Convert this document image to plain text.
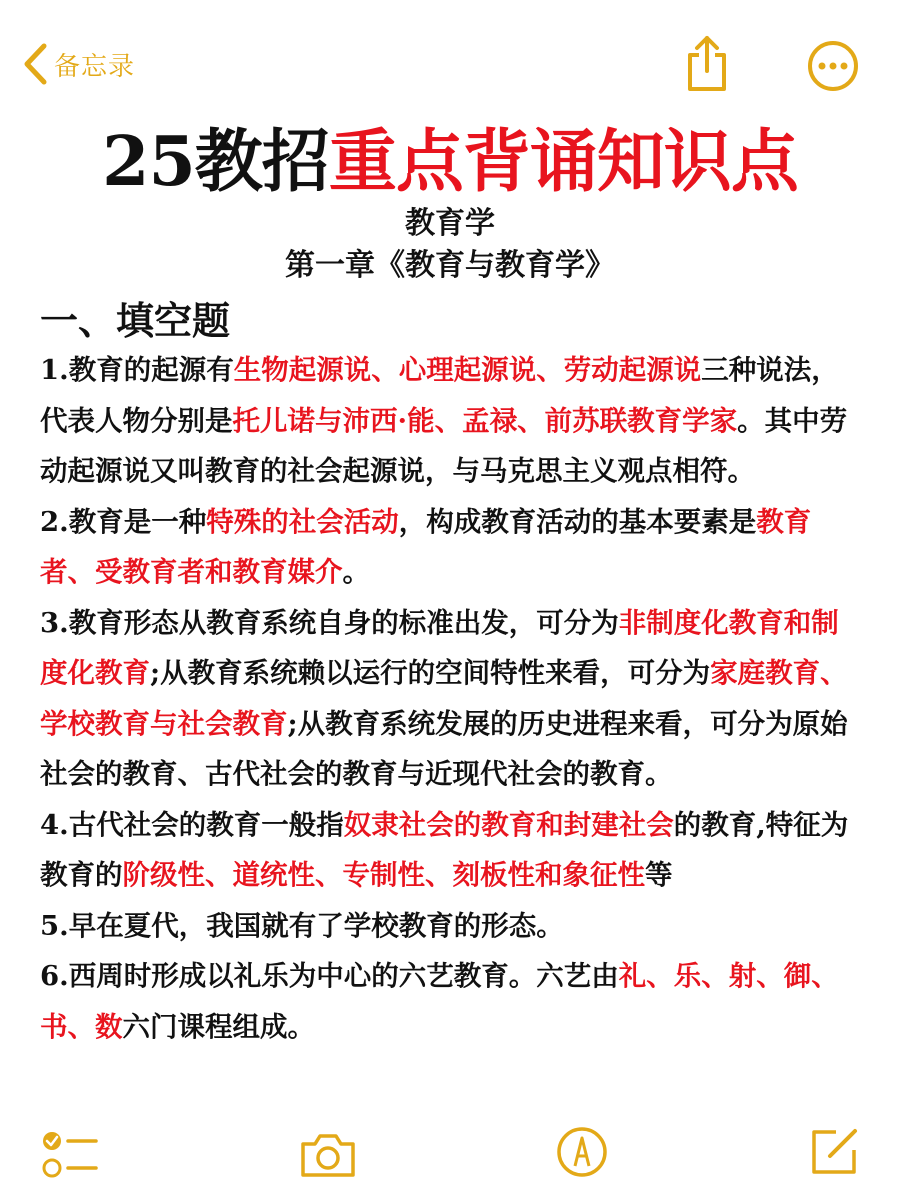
备忘录
25教招重点背诵知识点
教育学
第一章《教育与教育学》
一、填空题

1.教育的起源有生物起源说、心理起源说、劳动起源说三种说法，代表人物分别是托儿诺与沛西·能、孟禄、前苏联教育学家。其中劳动起源说又叫教育的社会起源说，与马克思主义观点相符。

2.教育是一种特殊的社会活动，构成教育活动的基本要素是教育者、受教育者和教育媒介。

3.教育形态从教育系统自身的标准出发，可分为非制度化教育和制度化教育;从教育系统赖以运行的空间特性来看，可分为家庭教育、学校教育与社会教育;从教育系统发展的历史进程来看，可分为原始社会的教育、古代社会的教育与近现代社会的教育。

4.古代社会的教育一般指奴隶社会的教育和封建社会的教育,特征为教育的阶级性、道统性、专制性、刻板性和象征性等

5.早在夏代，我国就有了学校教育的形态。

6.西周时形成以礼乐为中心的六艺教育。六艺由礼、乐、射、御、书、数六门课程组成。
